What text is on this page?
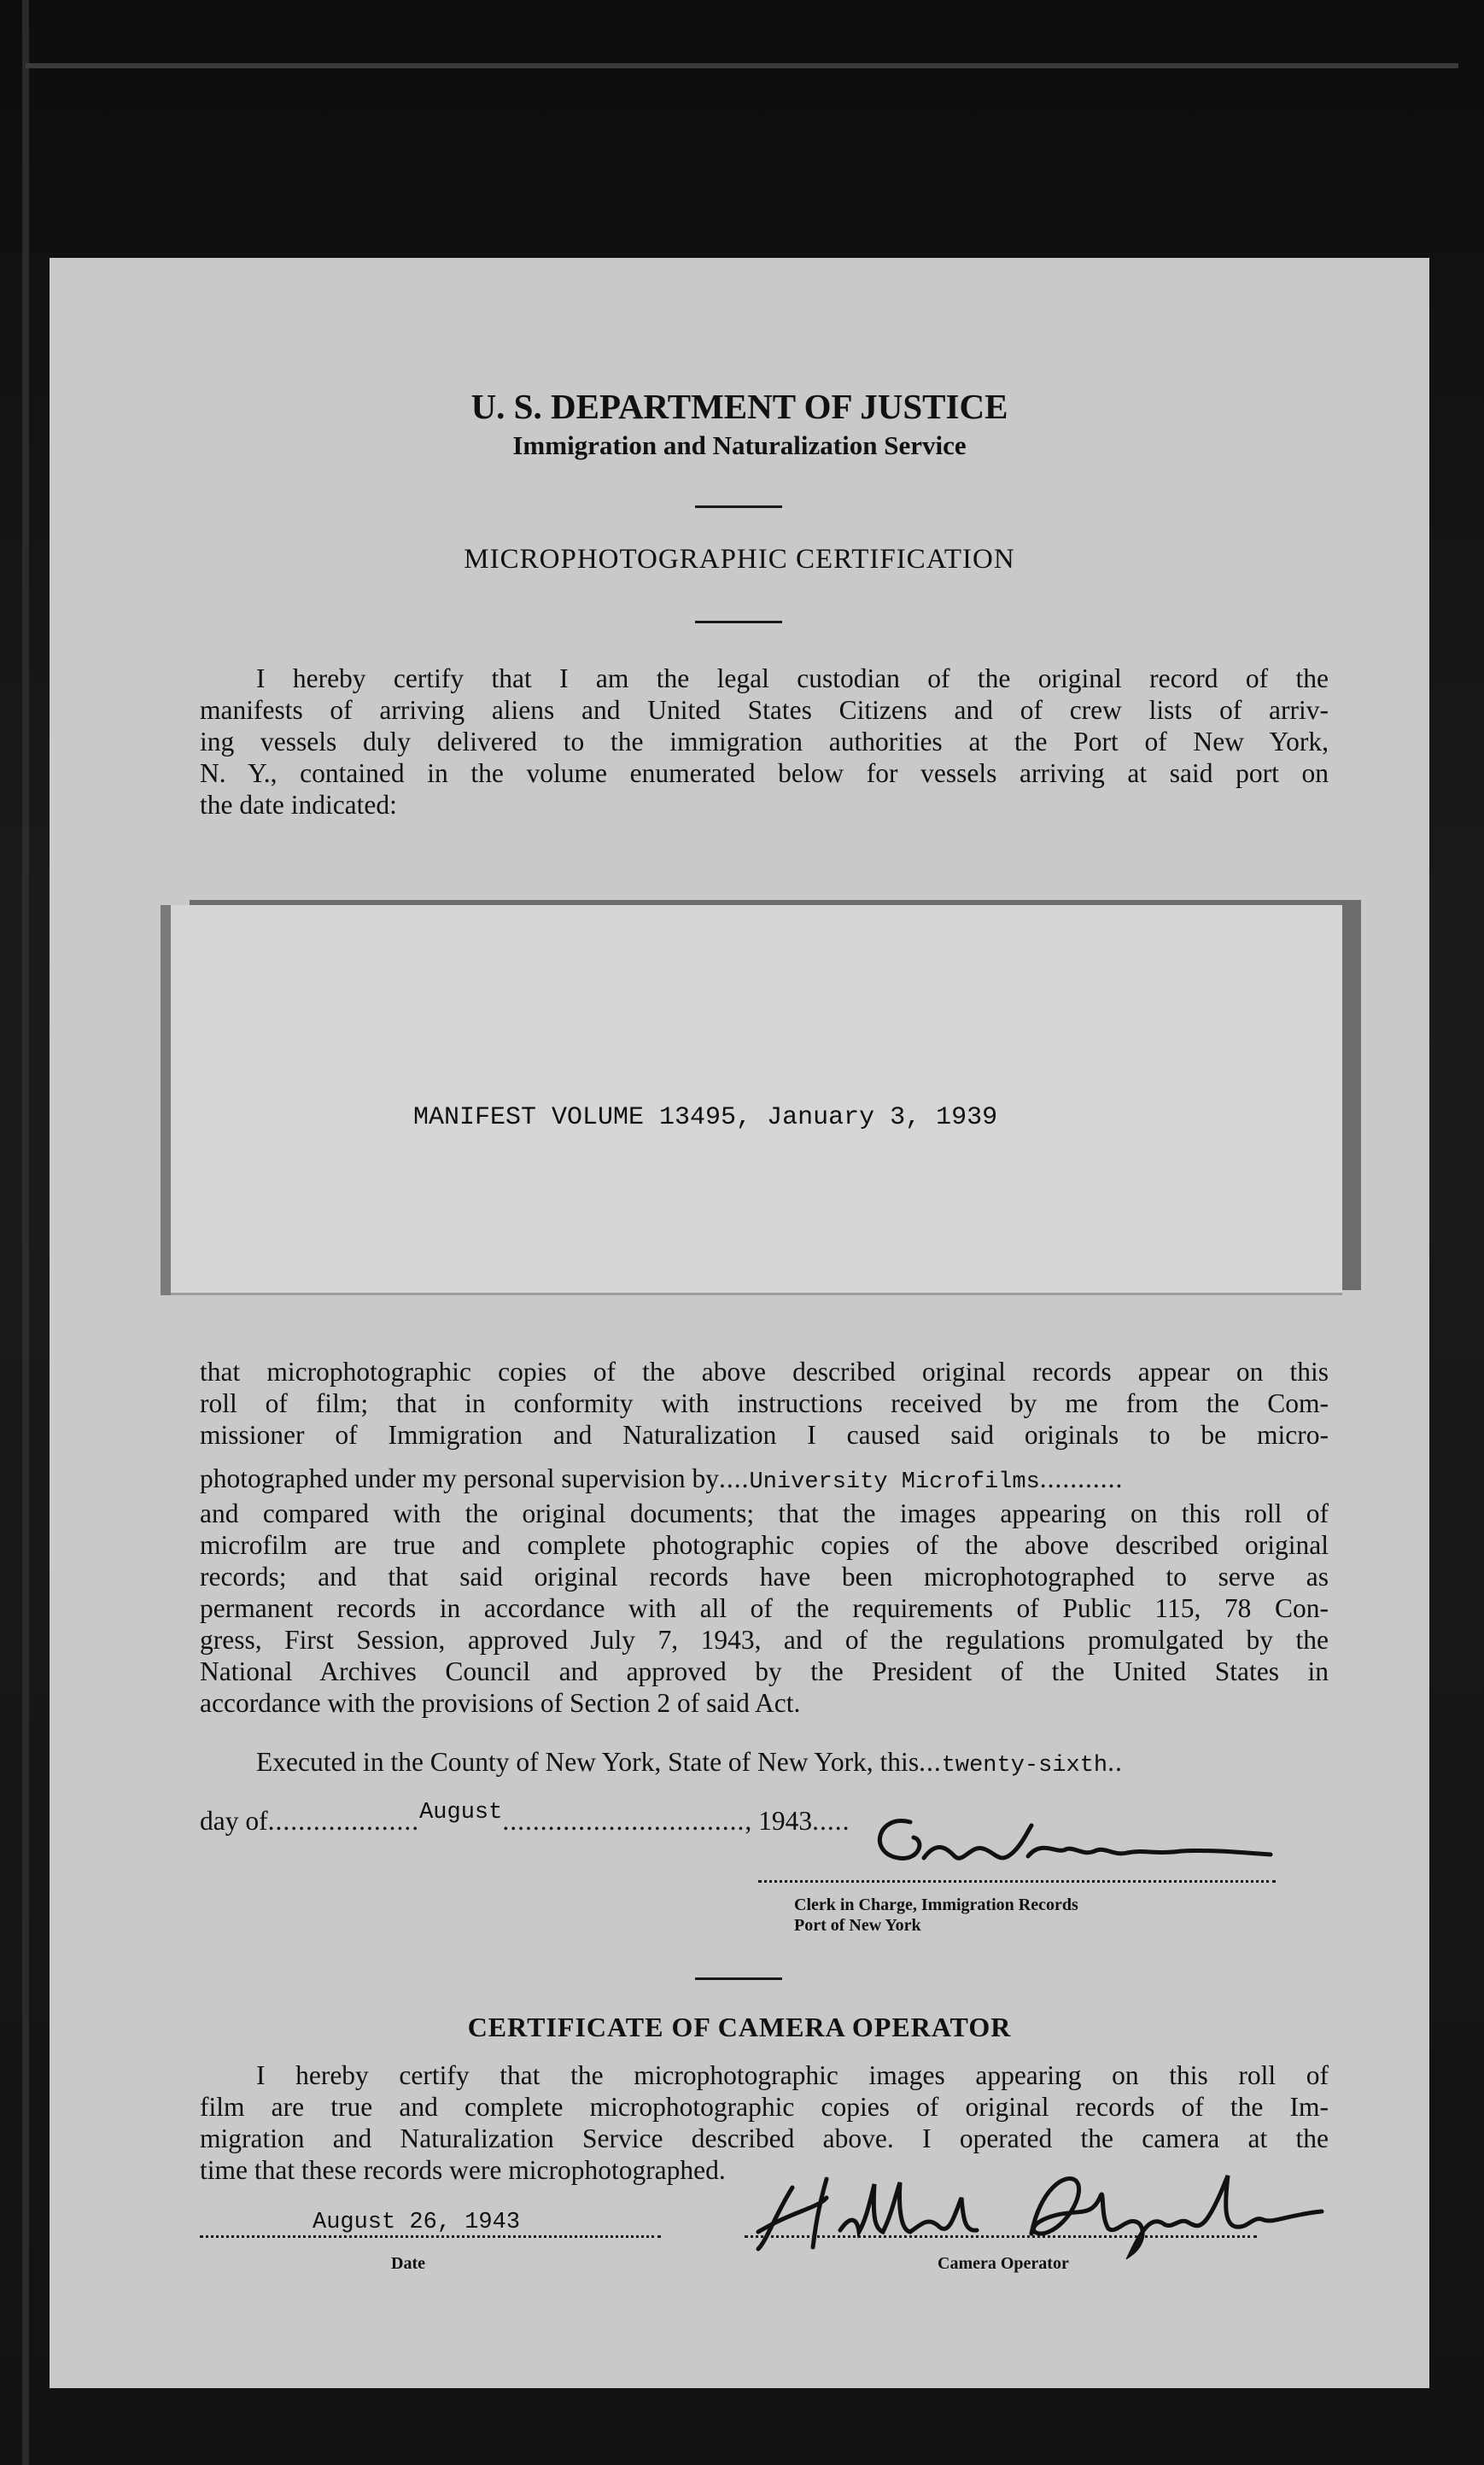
U. S. DEPARTMENT OF JUSTICE
Immigration and Naturalization Service
MICROPHOTOGRAPHIC CERTIFICATION
I hereby certify that I am the legal custodian of the original record of the
manifests of arriving aliens and United States Citizens and of crew lists of arriv-
ing vessels duly delivered to the immigration authorities at the Port of New York,
N. Y., contained in the volume enumerated below for vessels arriving at said port on
the date indicated:
MANIFEST VOLUME 13495, January 3, 1939
that microphotographic copies of the above described original records appear on this
roll of film; that in conformity with instructions received by me from the Com-
missioner of Immigration and Naturalization I caused said originals to be micro-
photographed under my personal supervision by....University Microfilms...........
and compared with the original documents; that the images appearing on this roll of
microfilm are true and complete photographic copies of the above described original
records; and that said original records have been microphotographed to serve as
permanent records in accordance with all of the requirements of Public 115, 78 Con-
gress, First Session, approved July 7, 1943, and of the regulations promulgated by the
National Archives Council and approved by the President of the United States in
accordance with the provisions of Section 2 of said Act.
Executed in the County of New York, State of New York, this...twenty-sixth..
day of....................August................................, 1943.....
Clerk in Charge, Immigration Records
Port of New York
CERTIFICATE OF CAMERA OPERATOR
I hereby certify that the microphotographic images appearing on this roll of
film are true and complete microphotographic copies of original records of the Im-
migration and Naturalization Service described above. I operated the camera at the
time that these records were microphotographed.
August 26, 1943
Date	Camera Operator
